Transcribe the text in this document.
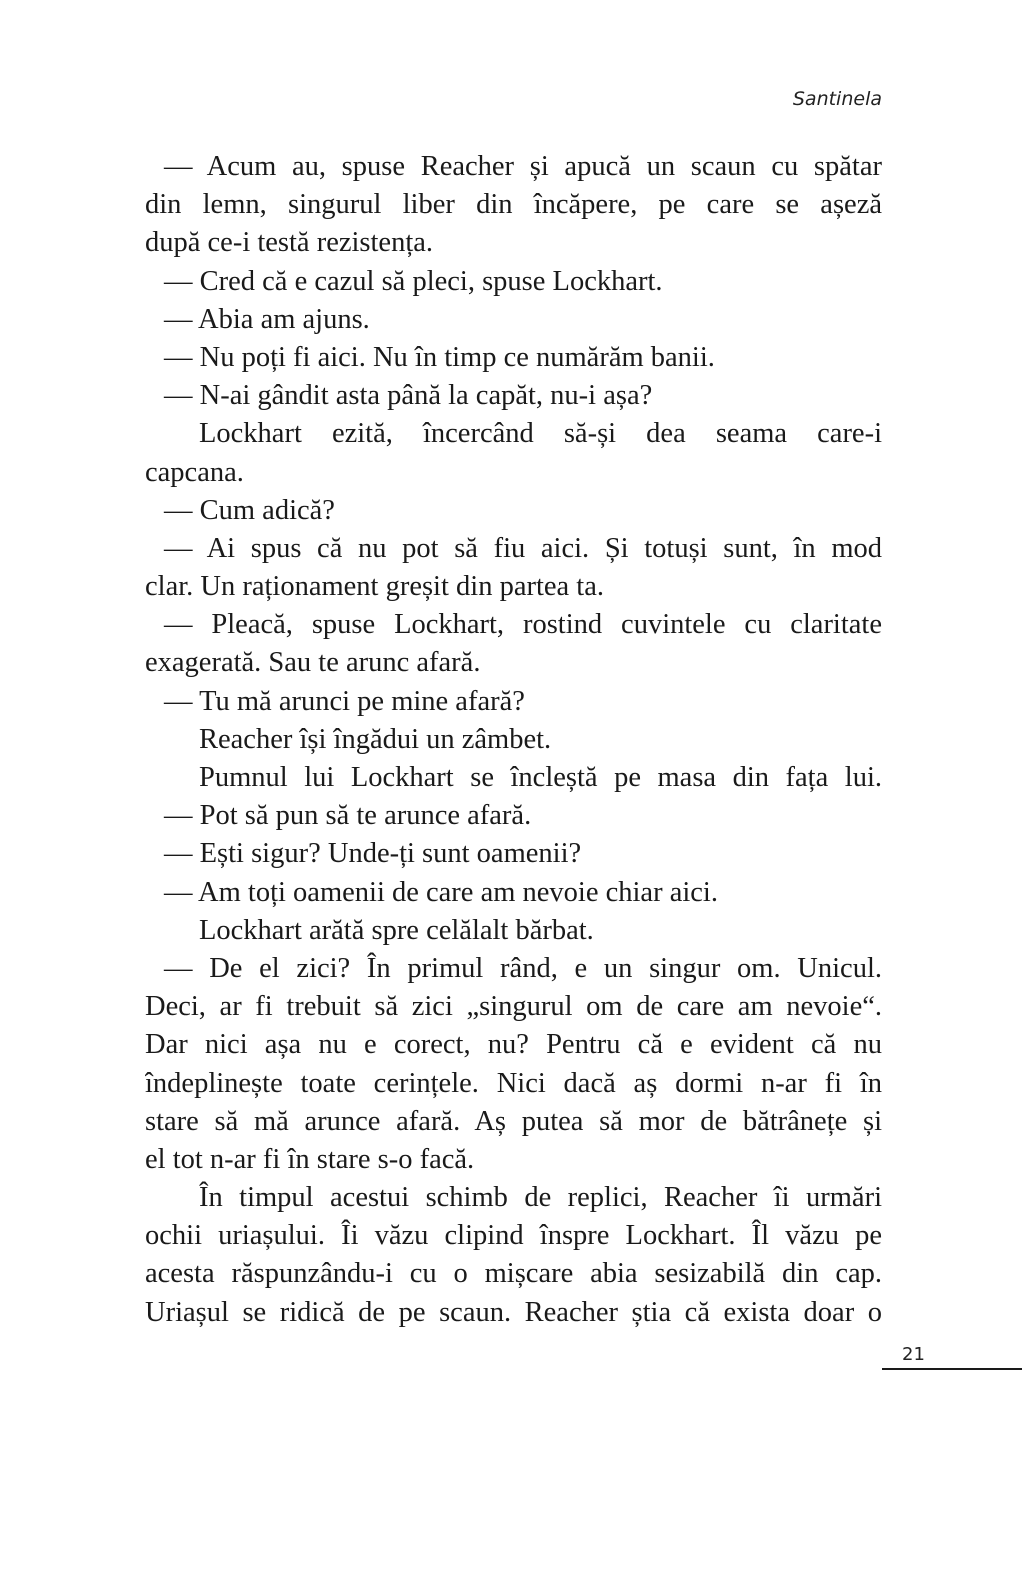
Santinela
— Acum au, spuse Reacher și apucă un scaun cu spătar
din lemn, singurul liber din încăpere, pe care se așeză
după ce-i testă rezistența.
— Cred că e cazul să pleci, spuse Lockhart.
— Abia am ajuns.
— Nu poți fi aici. Nu în timp ce numărăm banii.
— N-ai gândit asta până la capăt, nu-i așa?
Lockhart ezită, încercând să-și dea seama care-i
capcana.
— Cum adică?
— Ai spus că nu pot să fiu aici. Și totuși sunt, în mod
clar. Un raționament greșit din partea ta.
— Pleacă, spuse Lockhart, rostind cuvintele cu claritate
exagerată. Sau te arunc afară.
— Tu mă arunci pe mine afară?
Reacher își îngădui un zâmbet.
Pumnul lui Lockhart se încleștă pe masa din fața lui.
— Pot să pun să te arunce afară.
— Ești sigur? Unde-ți sunt oamenii?
— Am toți oamenii de care am nevoie chiar aici.
Lockhart arătă spre celălalt bărbat.
— De el zici? În primul rând, e un singur om. Unicul.
Deci, ar fi trebuit să zici „singurul om de care am nevoie“.
Dar nici așa nu e corect, nu? Pentru că e evident că nu
îndeplinește toate cerințele. Nici dacă aș dormi n-ar fi în
stare să mă arunce afară. Aș putea să mor de bătrânețe și
el tot n-ar fi în stare s-o facă.
În timpul acestui schimb de replici, Reacher îi urmări
ochii uriașului. Îi văzu clipind înspre Lockhart. Îl văzu pe
acesta răspunzându-i cu o mișcare abia sesizabilă din cap.
Uriașul se ridică de pe scaun. Reacher știa că exista doar o
21
